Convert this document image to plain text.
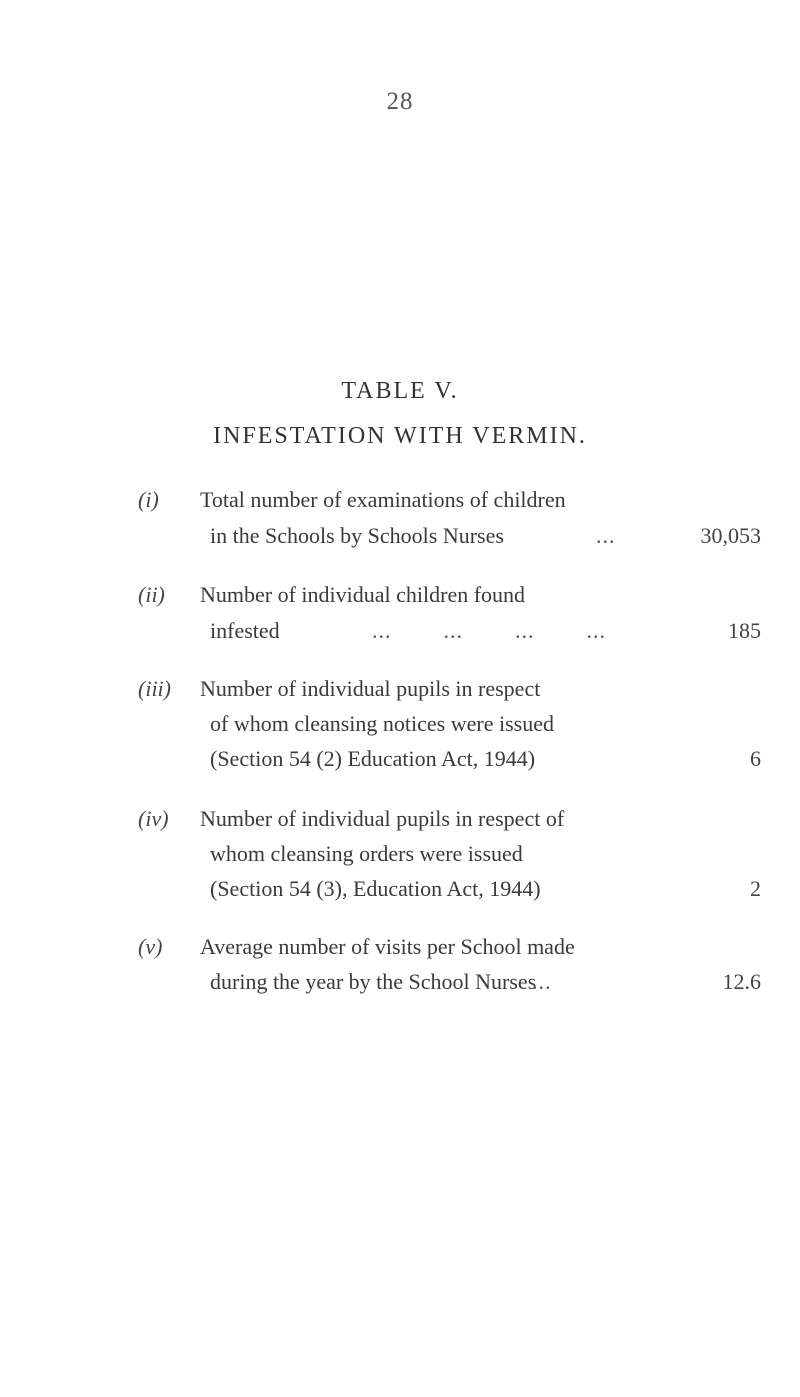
28
TABLE V.
INFESTATION WITH VERMIN.
(i) Total number of examinations of children
in the Schools by Schools Nurses	...	30,053
(ii) Number of individual children found
infested	...        ...        ...        ...	185
(iii) Number of individual pupils in respect
of whom cleansing notices were issued
(Section 54 (2) Education Act, 1944)	6
(iv) Number of individual pupils in respect of
whom cleansing orders were issued
(Section 54 (3), Education Act, 1944)	2
(v) Average number of visits per School made
during the year by the School Nurses
...	12.6
